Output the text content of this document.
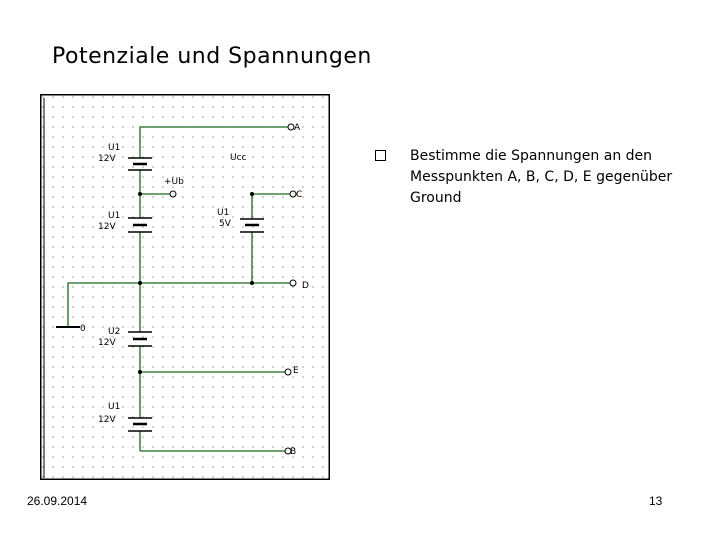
Potenziale und Spannungen
A
C
D
E
B
0
+Ub
Ucc
U1
12V
U1
12V
U1
5V
U2
12V
U1
12V
Bestimme die Spannungen an den Messpunkten A, B, C, D, E gegenüber Ground
26.09.2014	13
